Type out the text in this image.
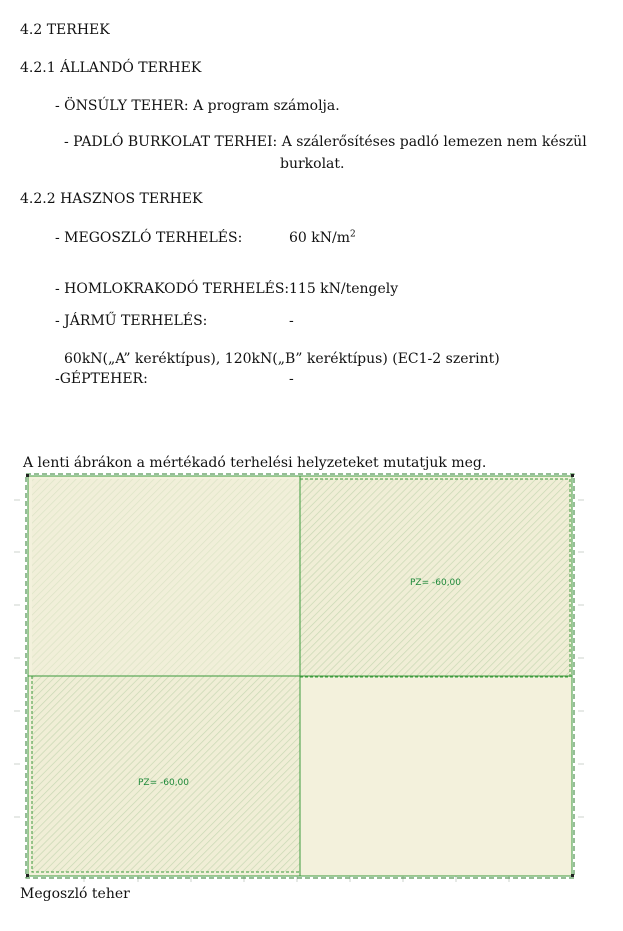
4.2 TERHEK
4.2.1 ÁLLANDÓ TERHEK
- ÖNSÚLY TEHER: A program számolja.
- PADLÓ BURKOLAT TERHEI: A szálerősítéses padló lemezen nem készül
burkolat.
4.2.2 HASZNOS TERHEK
- MEGOSZLÓ TERHELÉS:	60 $kN/m^2$
- HOMLOKRAKODÓ TERHELÉS: 115 kN/tengely
- JÁRMŰ TERHELÉS:	-
60kN(„A” keréktípus), 120kN(„B” keréktípus) (EC1-2 szerint)
-GÉPTEHER:	-
A lenti ábrákon a mértékadó terhelési helyzeteket mutatjuk meg.
PZ= -60,00
PZ= -60,00
Megoszló teher
